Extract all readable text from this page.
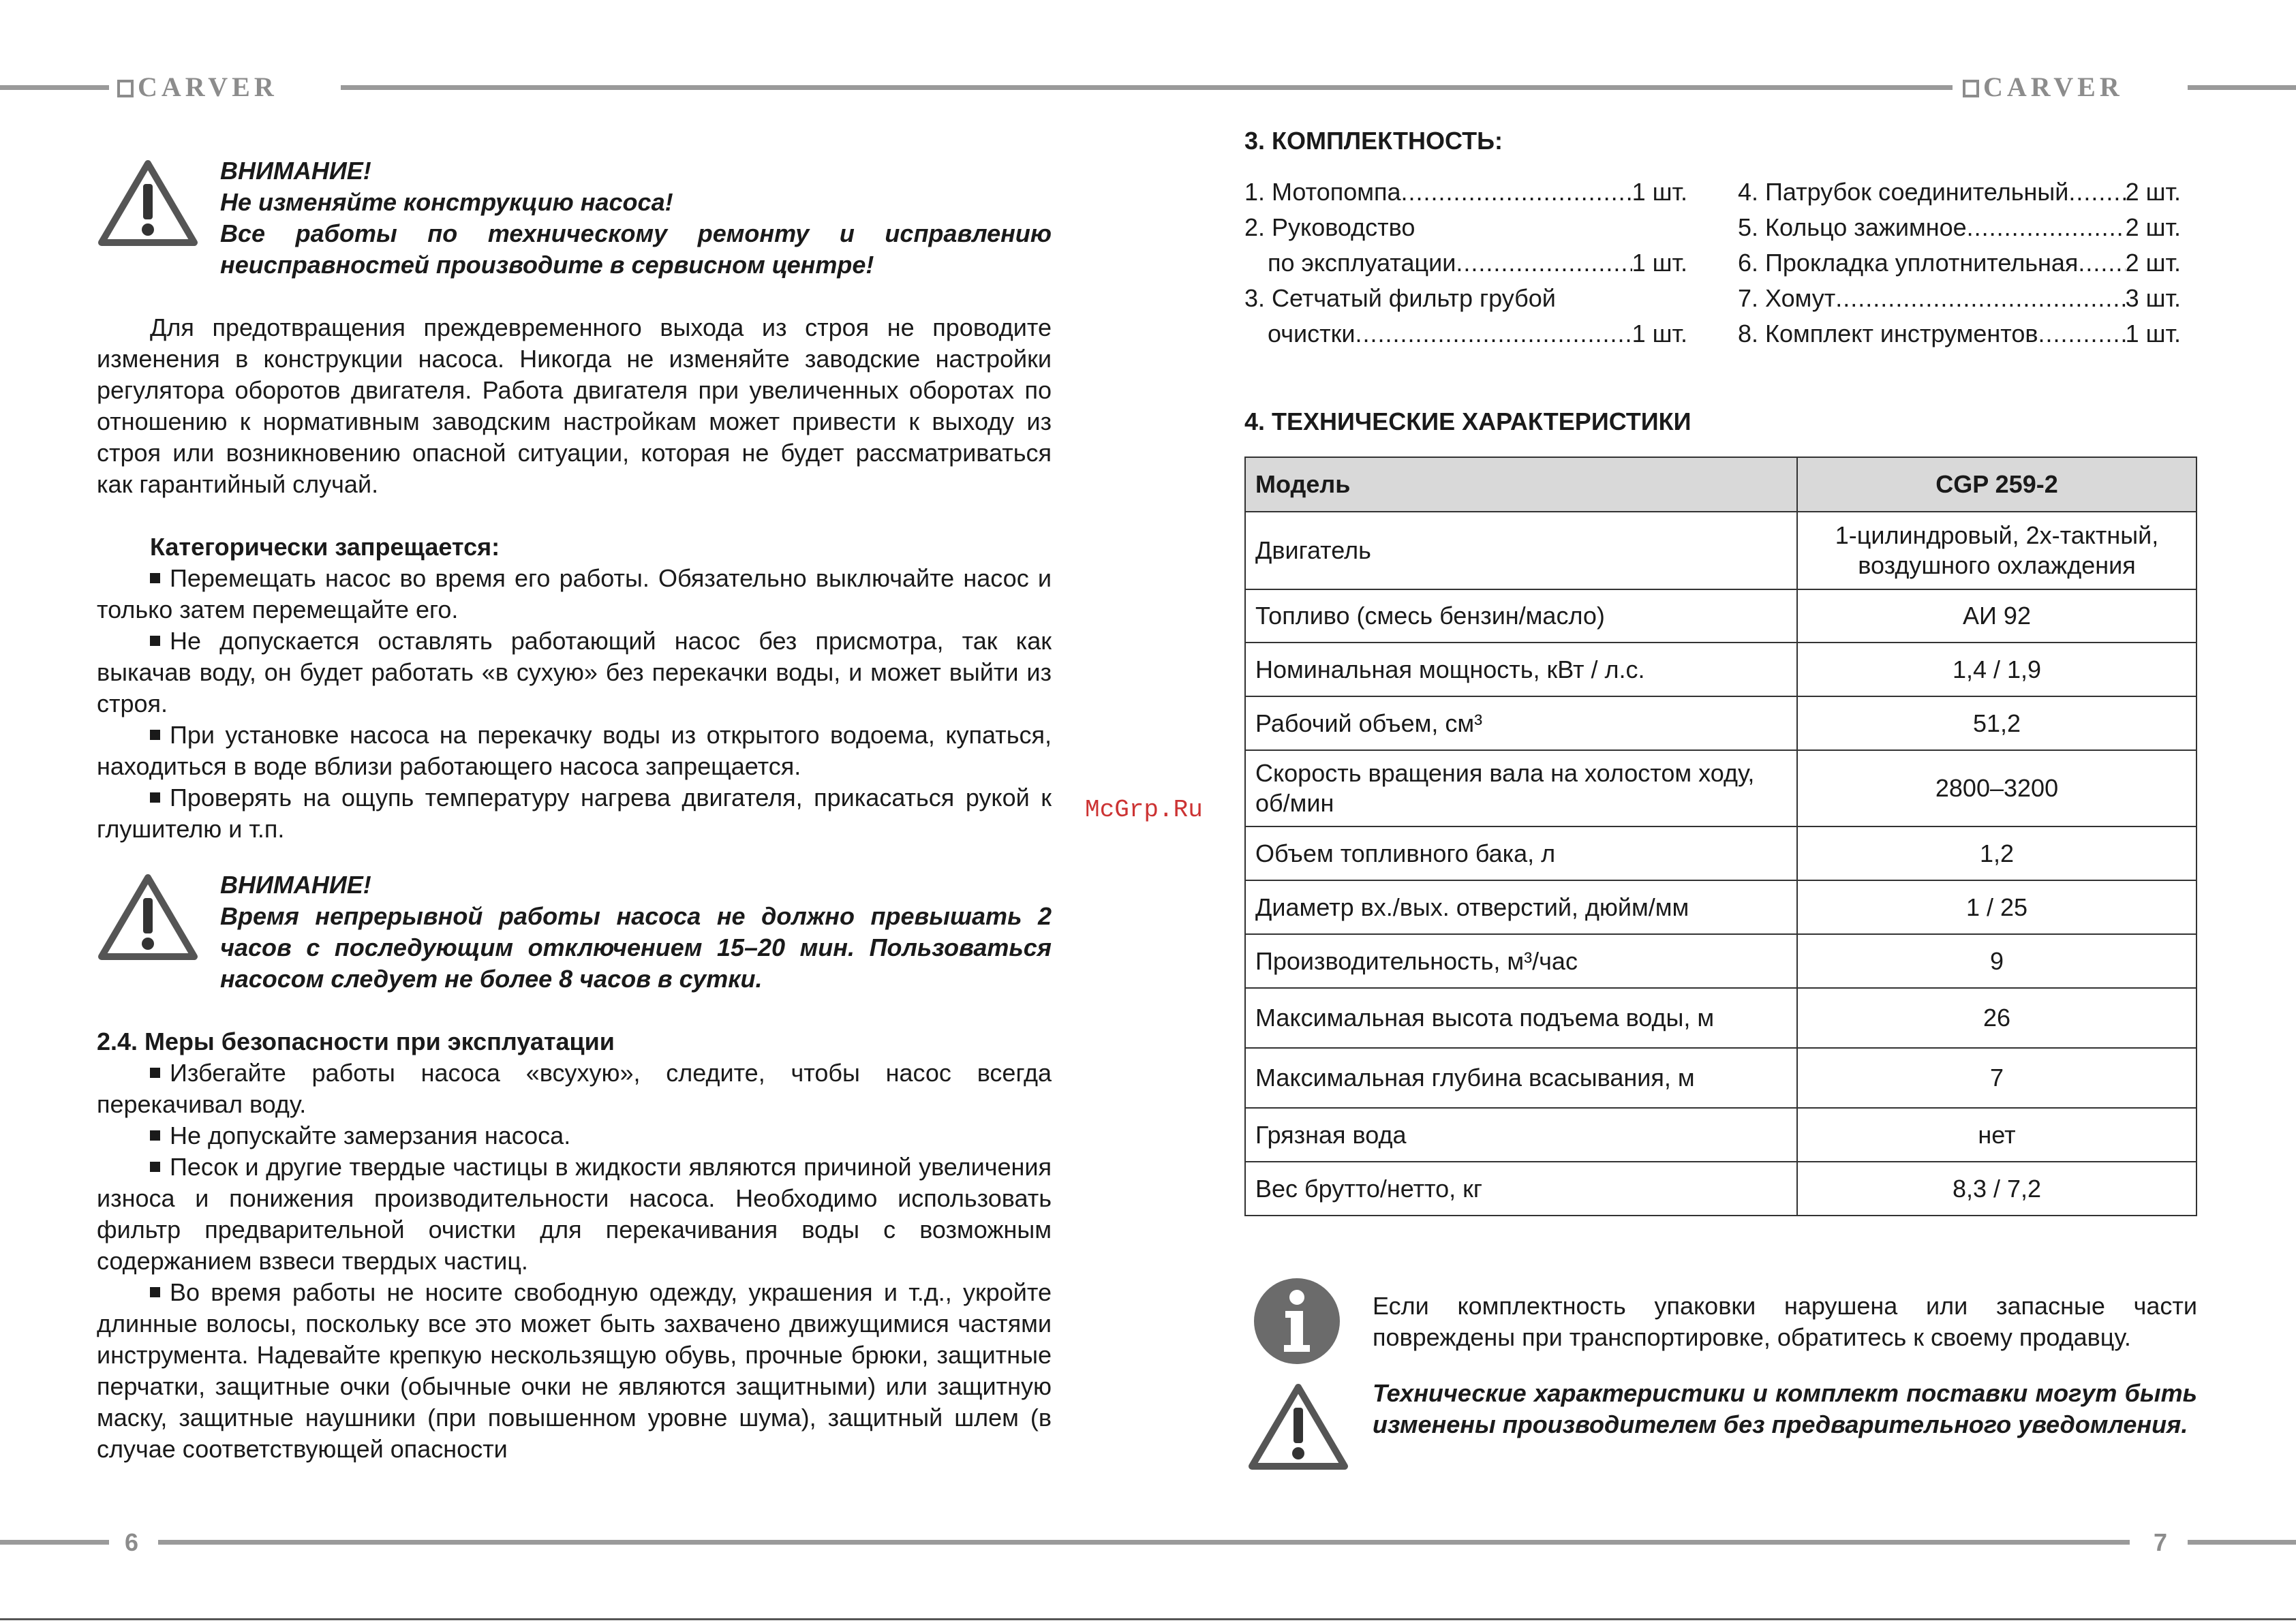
CARVER	CARVER
6	7
ВНИМАНИЕ!
Не изменяйте конструкцию насоса!
Все работы по техническому ремонту и исправлению неисправностей производите в сервисном центре!
Для предотвращения преждевременного выхода из строя не проводите изменения в конструкции насоса. Никогда не изменяйте заводские настройки регулятора оборотов двигателя. Работа двигателя при увеличенных оборотах по отношению к нормативным заводским настройкам может привести к выходу из строя или возникновению опасной ситуации, которая не будет рассматриваться как гарантийный случай.
Категорически запрещается:
Перемещать насос во время его работы. Обязательно выключайте насос и только затем перемещайте его.
Не допускается оставлять работающий насос без присмотра, так как выкачав воду, он будет работать «в сухую» без перекачки воды, и может выйти из строя.
При установке насоса на перекачку воды из открытого водоема, купаться, находиться в воде вблизи работающего насоса запрещается.
Проверять на ощупь температуру нагрева двигателя, прикасаться рукой к глушителю и т.п.
ВНИМАНИЕ!
Время непрерывной работы насоса не должно превышать 2 часов с последующим отключением 15–20 мин. Пользоваться насосом следует не более 8 часов в сутки.
2.4. Меры безопасности при эксплуатации
Избегайте работы насоса «всухую», следите, чтобы насос всегда перекачивал воду.
Не допускайте замерзания насоса.
Песок и другие твердые частицы в жидкости являются причиной увеличения износа и понижения производительности насоса. Необходимо использовать фильтр предварительной очистки для перекачивания воды с возможным содержанием взвеси твердых частиц.
Во время работы не носите свободную одежду, украшения и т.д., укройте длинные волосы, поскольку все это может быть захвачено движущимися частями инструмента. Надевайте крепкую нескользящую обувь, прочные брюки, защитные перчатки, защитные очки (обычные очки не являются защитными) или защитную маску, защитные наушники (при повышенном уровне шума), защитный шлем (в случае соответствующей опасности
McGrp.Ru
3. КОМПЛЕКТНОСТЬ:
1. Мотопомпа .....	1 шт.
2. Руководство
по эксплуатации .....	1 шт.
3. Сетчатый фильтр грубой
очистки .....	1 шт.
4. Патрубок соединительный ..... 2 шт.
5. Кольцо зажимное .....	2 шт.
6. Прокладка уплотнительная ..... 2 шт.
7. Хомут .....	3 шт.
8. Комплект инструментов .....	1 шт.
4. ТЕХНИЧЕСКИЕ ХАРАКТЕРИСТИКИ
Модель	CGP 259-2
Двигатель	1-цилиндровый, 2х-тактный, воздушного охлаждения
Топливо (смесь бензин/масло)	АИ 92
Номинальная мощность, кВт / л.с.	1,4 / 1,9
Рабочий объем, см³	51,2
Скорость вращения вала на холостом ходу, об/мин	2800–3200
Объем топливного бака, л	1,2
Диаметр вх./вых. отверстий, дюйм/мм	1 / 25
Производительность, м³/час	9
Максимальная высота подъема воды, м	26
Максимальная глубина всасывания, м	7
Грязная вода	нет
Вес брутто/нетто, кг	8,3 / 7,2
Если комплектность упаковки нарушена или запасные части повреждены при транспортировке, обратитесь к своему продавцу.
Технические характеристики и комплект поставки могут быть изменены производителем без предварительного уведомления.
